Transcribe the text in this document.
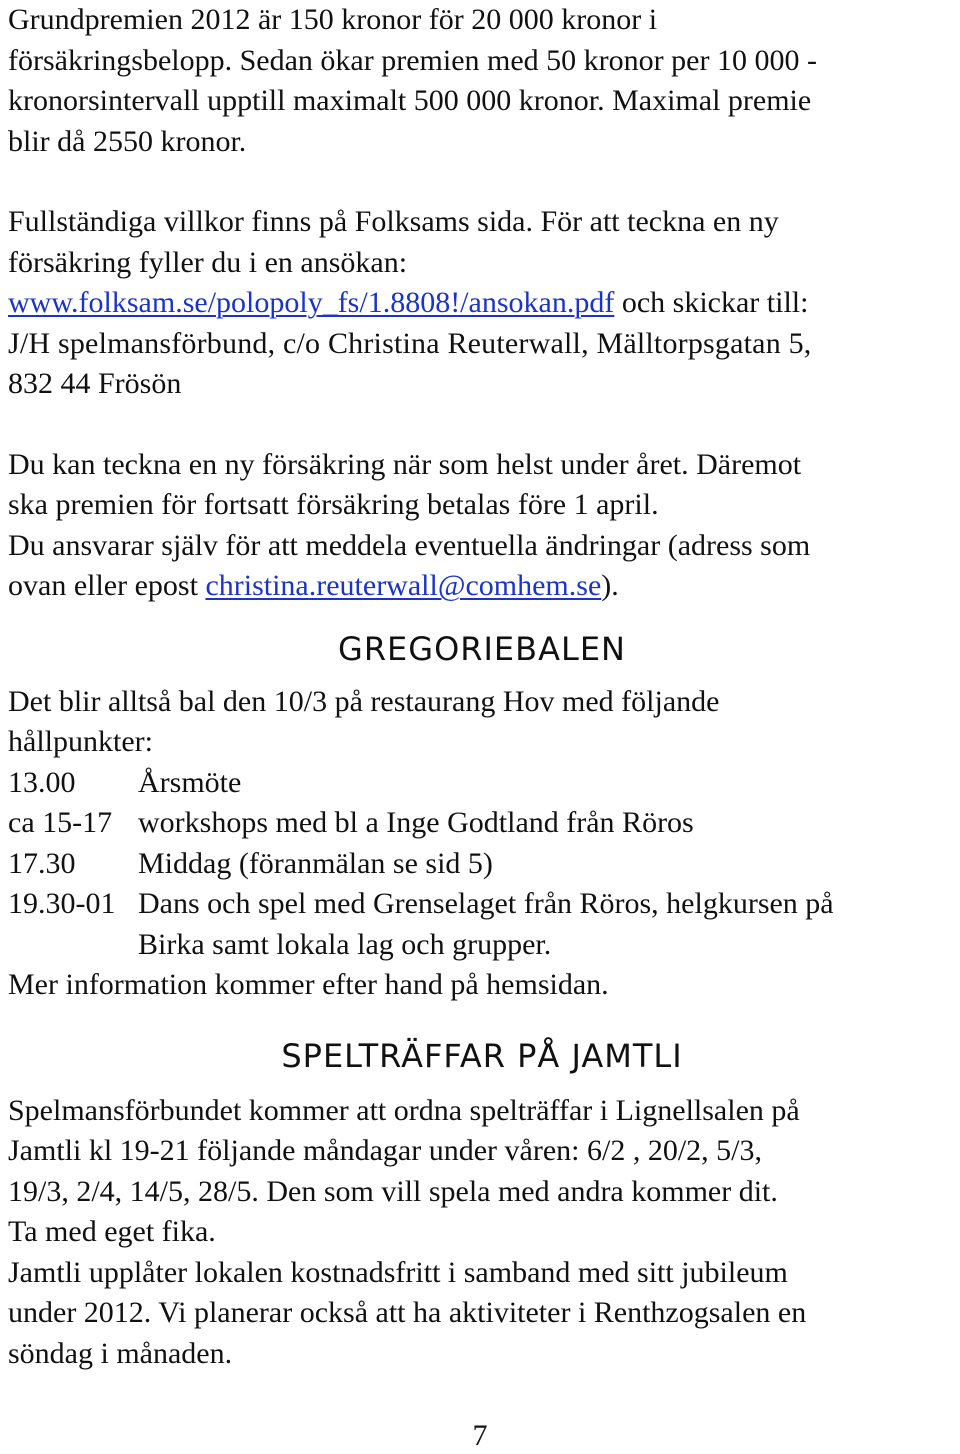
Grundpremien 2012 är 150 kronor för 20 000 kronor i
försäkringsbelopp. Sedan ökar premien med 50 kronor per 10 000 -
kronorsintervall upptill maximalt 500 000 kronor. Maximal premie
blir då 2550 kronor.
Fullständiga villkor finns på Folksams sida. För att teckna en ny
försäkring fyller du i en ansökan:
www.folksam.se/polopoly_fs/1.8808!/ansokan.pdf och skickar till:
J/H spelmansförbund, c/o Christina Reuterwall, Mälltorpsgatan 5,
832 44 Frösön
Du kan teckna en ny försäkring när som helst under året. Däremot
ska premien för fortsatt försäkring betalas före 1 april.
Du ansvarar själv för att meddela eventuella ändringar (adress som
ovan eller epost christina.reuterwall@comhem.se).
GREGORIEBALEN
Det blir alltså bal den 10/3 på restaurang Hov med följande
hållpunkter:
13.00	Årsmöte
ca 15-17 workshops med bl a Inge Godtland från Röros
17.30	Middag (föranmälan se sid 5)
19.30-01 Dans och spel med Grenselaget från Röros, helgkursen på
Birka samt lokala lag och grupper.
Mer information kommer efter hand på hemsidan.
SPELTRÄFFAR PÅ JAMTLI
Spelmansförbundet kommer att ordna spelträffar i Lignellsalen på
Jamtli kl 19-21 följande måndagar under våren: 6/2 , 20/2, 5/3,
19/3, 2/4, 14/5, 28/5. Den som vill spela med andra kommer dit.
Ta med eget fika.
Jamtli upplåter lokalen kostnadsfritt i samband med sitt jubileum
under 2012. Vi planerar också att ha aktiviteter i Renthzogsalen en
söndag i månaden.
7
